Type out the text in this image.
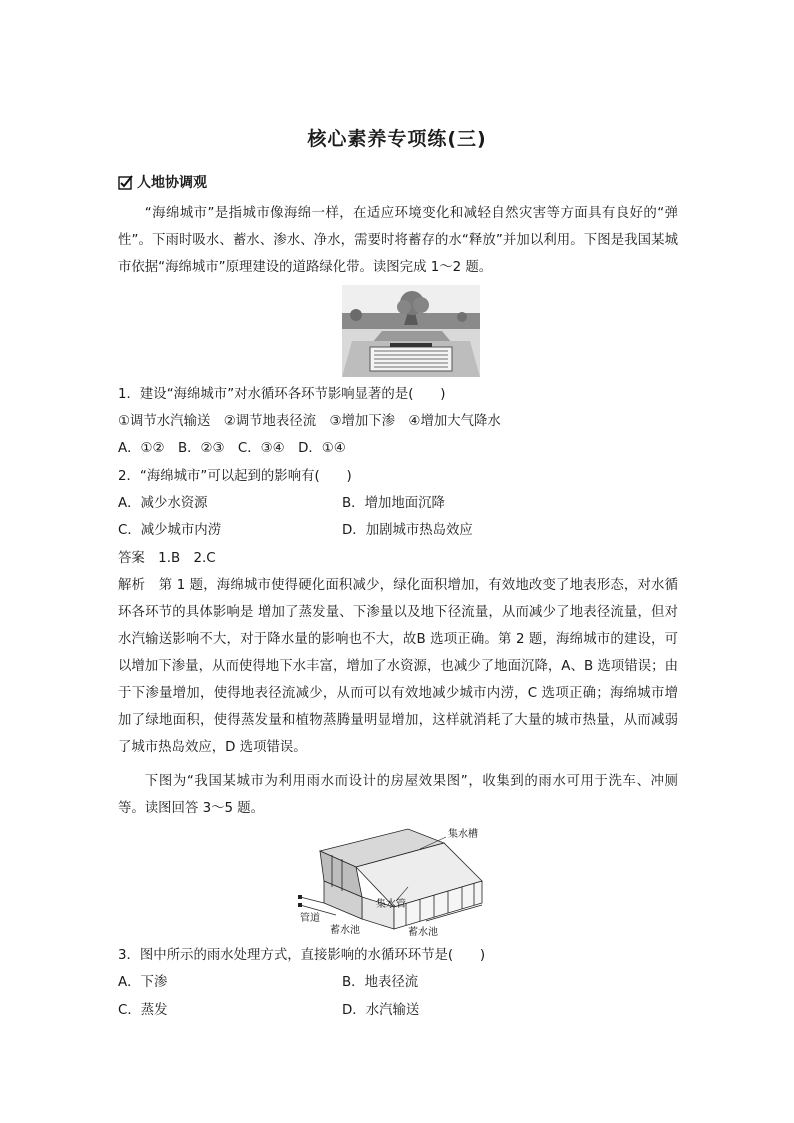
核心素养专项练(三)
人地协调观
“海绵城市”是指城市像海绵一样，在适应环境变化和减轻自然灾害等方面具有良好的“弹性”。下雨时吸水、蓄水、渗水、净水，需要时将蓄存的水“释放”并加以利用。下图是我国某城市依据“海绵城市”原理建设的道路绿化带。读图完成 1～2 题。
1．建设“海绵城市”对水循环各环节影响显著的是(　　)
①调节水汽输送　②调节地表径流　③增加下渗　④增加大气降水
A．①②　B．②③　C．③④　D．①④
2．“海绵城市”可以起到的影响有(　　)
A．减少水资源	B．增加地面沉降
C．减少城市内涝	D．加剧城市热岛效应
答案　1.B　2.C
解析　第 1 题，海绵城市使得硬化面积减少，绿化面积增加，有效地改变了地表形态，对水循环各环节的具体影响是 增加了蒸发量、下渗量以及地下径流量，从而减少了地表径流量，但对水汽输送影响不大，对于降水量的影响也不大，故B 选项正确。第 2 题，海绵城市的建设，可以增加下渗量，从而使得地下水丰富，增加了水资源，也减少了地面沉降，A、B 选项错误；由于下渗量增加，使得地表径流减少，从而可以有效地减少城市内涝，C 选项正确；海绵城市增加了绿地面积，使得蒸发量和植物蒸腾量明显增加，这样就消耗了大量的城市热量，从而减弱了城市热岛效应，D 选项错误。
下图为“我国某城市为利用雨水而设计的房屋效果图”，收集到的雨水可用于洗车、冲厕等。读图回答 3～5 题。
集水槽
集水管
管道
蓄水池	蓄水池
3．图中所示的雨水处理方式，直接影响的水循环环节是(　　)
A．下渗	B．地表径流
C．蒸发	D．水汽输送
